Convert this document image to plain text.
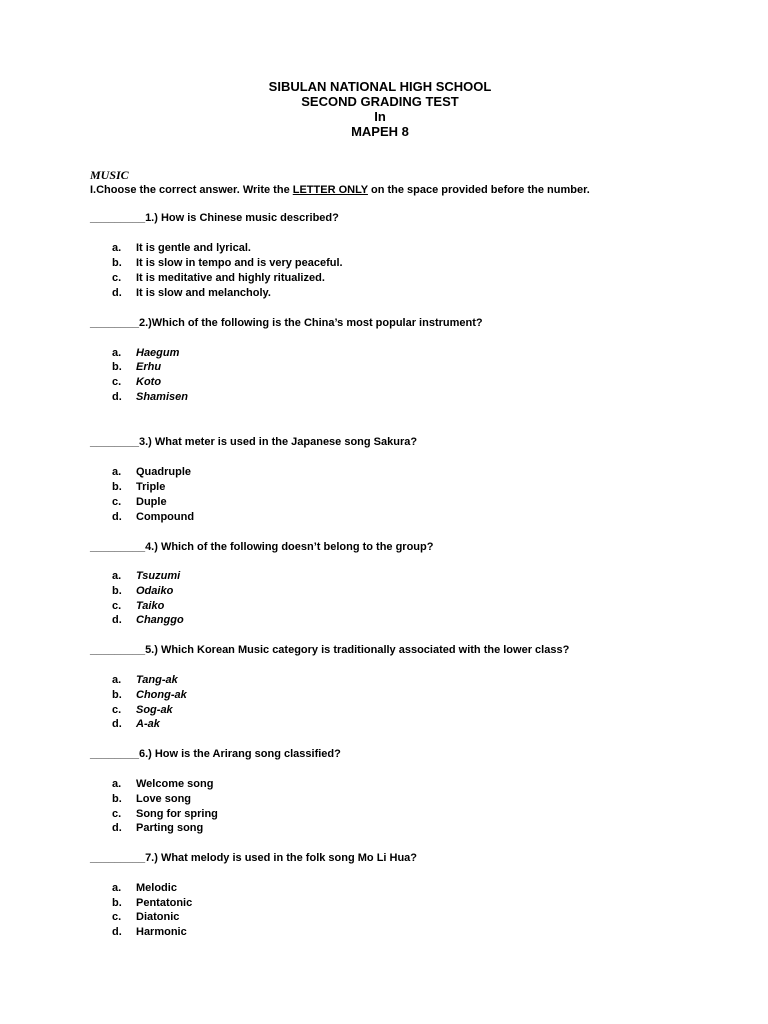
SIBULAN NATIONAL HIGH SCHOOL
SECOND GRADING TEST
In
MAPEH 8
MUSIC
I.Choose the correct answer. Write the LETTER ONLY on the space provided before the number.
_________1.) How is Chinese music described?
a. It is gentle and lyrical.
b. It is slow in tempo and is very peaceful.
c. It is meditative and highly ritualized.
d. It is slow and melancholy.
________2.)Which of the following is the China’s most popular instrument?
a. Haegum
b. Erhu
c. Koto
d. Shamisen
________3.) What meter is used in the Japanese song Sakura?
a. Quadruple
b. Triple
c. Duple
d. Compound
_________4.) Which of the following doesn’t belong to the group?
a. Tsuzumi
b. Odaiko
c. Taiko
d. Changgo
_________5.) Which Korean Music category is traditionally associated with the lower class?
a. Tang-ak
b. Chong-ak
c. Sog-ak
d. A-ak
________6.) How is the Arirang song classified?
a. Welcome song
b. Love song
c. Song for spring
d. Parting song
_________7.) What melody is used in the folk song Mo Li Hua?
a. Melodic
b. Pentatonic
c. Diatonic
d. Harmonic
